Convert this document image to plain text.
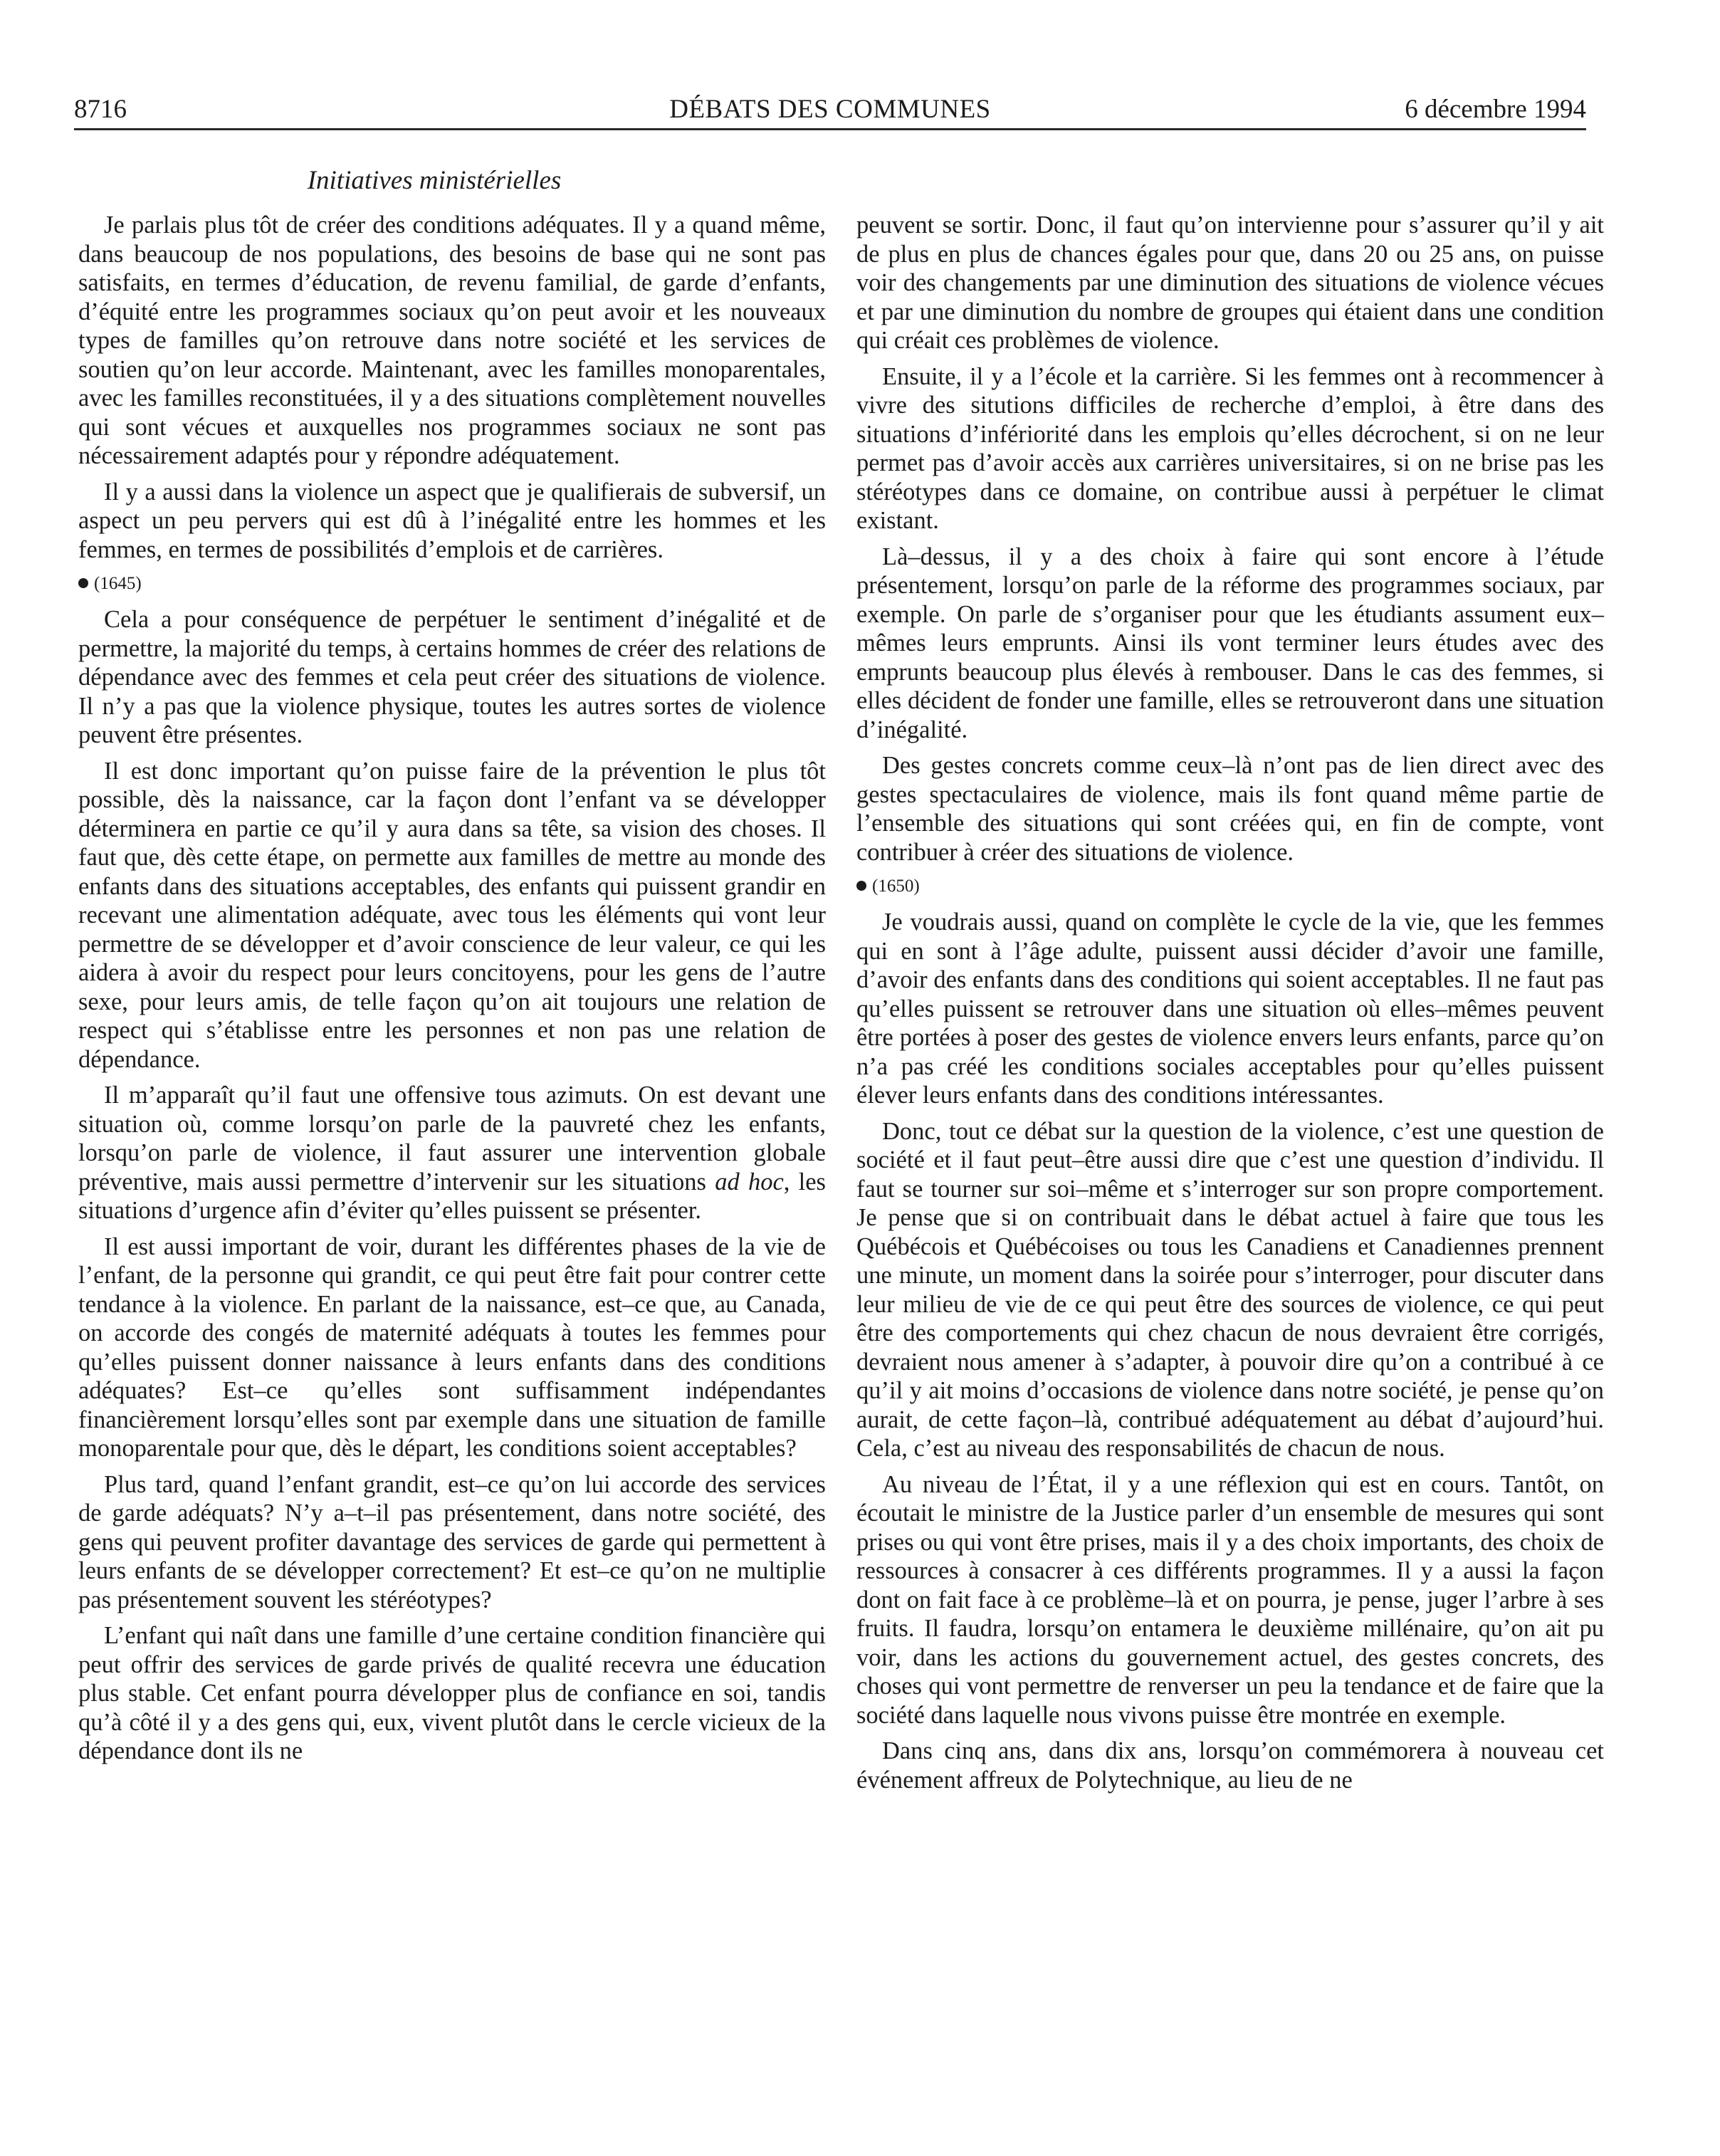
8716	DÉBATS DES COMMUNES	6 décembre 1994
Initiatives ministérielles

Je parlais plus tôt de créer des conditions adéquates. Il y a quand même, dans beaucoup de nos populations, des besoins de base qui ne sont pas satisfaits, en termes d’éducation, de revenu familial, de garde d’enfants, d’équité entre les programmes sociaux qu’on peut avoir et les nouveaux types de familles qu’on retrouve dans notre société et les services de soutien qu’on leur accorde. Maintenant, avec les familles monoparentales, avec les familles reconstituées, il y a des situations complètement nouvelles qui sont vécues et auxquelles nos programmes sociaux ne sont pas nécessairement adaptés pour y répondre adéquatement.

Il y a aussi dans la violence un aspect que je qualifierais de subversif, un aspect un peu pervers qui est dû à l’inégalité entre les hommes et les femmes, en termes de possibilités d’emplois et de carrières.

(1645)

Cela a pour conséquence de perpétuer le sentiment d’inégalité et de permettre, la majorité du temps, à certains hommes de créer des relations de dépendance avec des femmes et cela peut créer des situations de violence. Il n’y a pas que la violence physique, toutes les autres sortes de violence peuvent être présentes.

Il est donc important qu’on puisse faire de la prévention le plus tôt possible, dès la naissance, car la façon dont l’enfant va se développer déterminera en partie ce qu’il y aura dans sa tête, sa vision des choses. Il faut que, dès cette étape, on permette aux familles de mettre au monde des enfants dans des situations acceptables, des enfants qui puissent grandir en recevant une alimentation adéquate, avec tous les éléments qui vont leur permettre de se développer et d’avoir conscience de leur valeur, ce qui les aidera à avoir du respect pour leurs concitoyens, pour les gens de l’autre sexe, pour leurs amis, de telle façon qu’on ait toujours une relation de respect qui s’établisse entre les personnes et non pas une relation de dépendance.

Il m’apparaît qu’il faut une offensive tous azimuts. On est devant une situation où, comme lorsqu’on parle de la pauvreté chez les enfants, lorsqu’on parle de violence, il faut assurer une intervention globale préventive, mais aussi permettre d’intervenir sur les situations ad hoc, les situations d’urgence afin d’éviter qu’elles puissent se présenter.

Il est aussi important de voir, durant les différentes phases de la vie de l’enfant, de la personne qui grandit, ce qui peut être fait pour contrer cette tendance à la violence. En parlant de la naissance, est–ce que, au Canada, on accorde des congés de maternité adéquats à toutes les femmes pour qu’elles puissent donner naissance à leurs enfants dans des conditions adéquates? Est–ce qu’elles sont suffisamment indépendantes financièrement lorsqu’elles sont par exemple dans une situation de famille monoparentale pour que, dès le départ, les conditions soient acceptables?

Plus tard, quand l’enfant grandit, est–ce qu’on lui accorde des services de garde adéquats? N’y a–t–il pas présentement, dans notre société, des gens qui peuvent profiter davantage des services de garde qui permettent à leurs enfants de se développer correctement? Et est–ce qu’on ne multiplie pas présentement souvent les stéréotypes?

L’enfant qui naît dans une famille d’une certaine condition financière qui peut offrir des services de garde privés de qualité recevra une éducation plus stable. Cet enfant pourra développer plus de confiance en soi, tandis qu’à côté il y a des gens qui, eux, vivent plutôt dans le cercle vicieux de la dépendance dont ils ne

peuvent se sortir. Donc, il faut qu’on intervienne pour s’assurer qu’il y ait de plus en plus de chances égales pour que, dans 20 ou 25 ans, on puisse voir des changements par une diminution des situations de violence vécues et par une diminution du nombre de groupes qui étaient dans une condition qui créait ces problèmes de violence.

Ensuite, il y a l’école et la carrière. Si les femmes ont à recommencer à vivre des situtions difficiles de recherche d’emploi, à être dans des situations d’infériorité dans les emplois qu’elles décrochent, si on ne leur permet pas d’avoir accès aux carrières universitaires, si on ne brise pas les stéréotypes dans ce domaine, on contribue aussi à perpétuer le climat existant.

Là–dessus, il y a des choix à faire qui sont encore à l’étude présentement, lorsqu’on parle de la réforme des programmes sociaux, par exemple. On parle de s’organiser pour que les étudiants assument eux–mêmes leurs emprunts. Ainsi ils vont terminer leurs études avec des emprunts beaucoup plus élevés à rembouser. Dans le cas des femmes, si elles décident de fonder une famille, elles se retrouveront dans une situation d’inégalité.

Des gestes concrets comme ceux–là n’ont pas de lien direct avec des gestes spectaculaires de violence, mais ils font quand même partie de l’ensemble des situations qui sont créées qui, en fin de compte, vont contribuer à créer des situations de violence.

(1650)

Je voudrais aussi, quand on complète le cycle de la vie, que les femmes qui en sont à l’âge adulte, puissent aussi décider d’avoir une famille, d’avoir des enfants dans des conditions qui soient acceptables. Il ne faut pas qu’elles puissent se retrouver dans une situation où elles–mêmes peuvent être portées à poser des gestes de violence envers leurs enfants, parce qu’on n’a pas créé les conditions sociales acceptables pour qu’elles puissent élever leurs enfants dans des conditions intéressantes.

Donc, tout ce débat sur la question de la violence, c’est une question de société et il faut peut–être aussi dire que c’est une question d’individu. Il faut se tourner sur soi–même et s’interroger sur son propre comportement. Je pense que si on contribuait dans le débat actuel à faire que tous les Québécois et Québécoises ou tous les Canadiens et Canadiennes prennent une minute, un moment dans la soirée pour s’interroger, pour discuter dans leur milieu de vie de ce qui peut être des sources de violence, ce qui peut être des comportements qui chez chacun de nous devraient être corrigés, devraient nous amener à s’adapter, à pouvoir dire qu’on a contribué à ce qu’il y ait moins d’occasions de violence dans notre société, je pense qu’on aurait, de cette façon–là, contribué adéquatement au débat d’aujourd’hui. Cela, c’est au niveau des responsabilités de chacun de nous.

Au niveau de l’État, il y a une réflexion qui est en cours. Tantôt, on écoutait le ministre de la Justice parler d’un ensemble de mesures qui sont prises ou qui vont être prises, mais il y a des choix importants, des choix de ressources à consacrer à ces différents programmes. Il y a aussi la façon dont on fait face à ce problème–là et on pourra, je pense, juger l’arbre à ses fruits. Il faudra, lorsqu’on entamera le deuxième millénaire, qu’on ait pu voir, dans les actions du gouvernement actuel, des gestes concrets, des choses qui vont permettre de renverser un peu la tendance et de faire que la société dans laquelle nous vivons puisse être montrée en exemple.

Dans cinq ans, dans dix ans, lorsqu’on commémorera à nouveau cet événement affreux de Polytechnique, au lieu de ne
